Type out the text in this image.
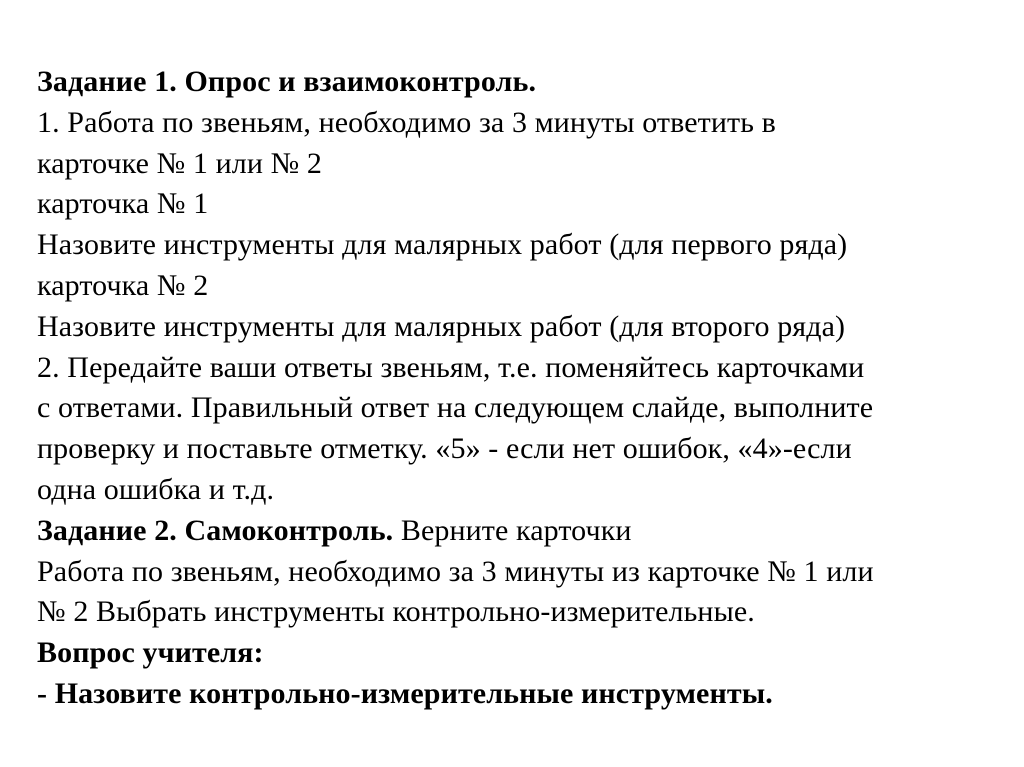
Задание 1. Опрос и взаимоконтроль.
1. Работа по звеньям, необходимо за 3 минуты ответить в
карточке № 1 или № 2
карточка № 1
Назовите инструменты для малярных работ (для первого ряда)
карточка № 2
Назовите инструменты для малярных работ (для второго ряда)
2. Передайте ваши ответы звеньям, т.е. поменяйтесь карточками
с ответами. Правильный ответ на следующем слайде, выполните
проверку и поставьте отметку. «5» - если нет ошибок, «4»-если
одна ошибка и т.д.
Задание 2. Самоконтроль. Верните карточки
Работа по звеньям, необходимо за 3 минуты из карточке № 1 или
№ 2 Выбрать инструменты контрольно-измерительные.
Вопрос учителя:
- Назовите контрольно-измерительные инструменты.
